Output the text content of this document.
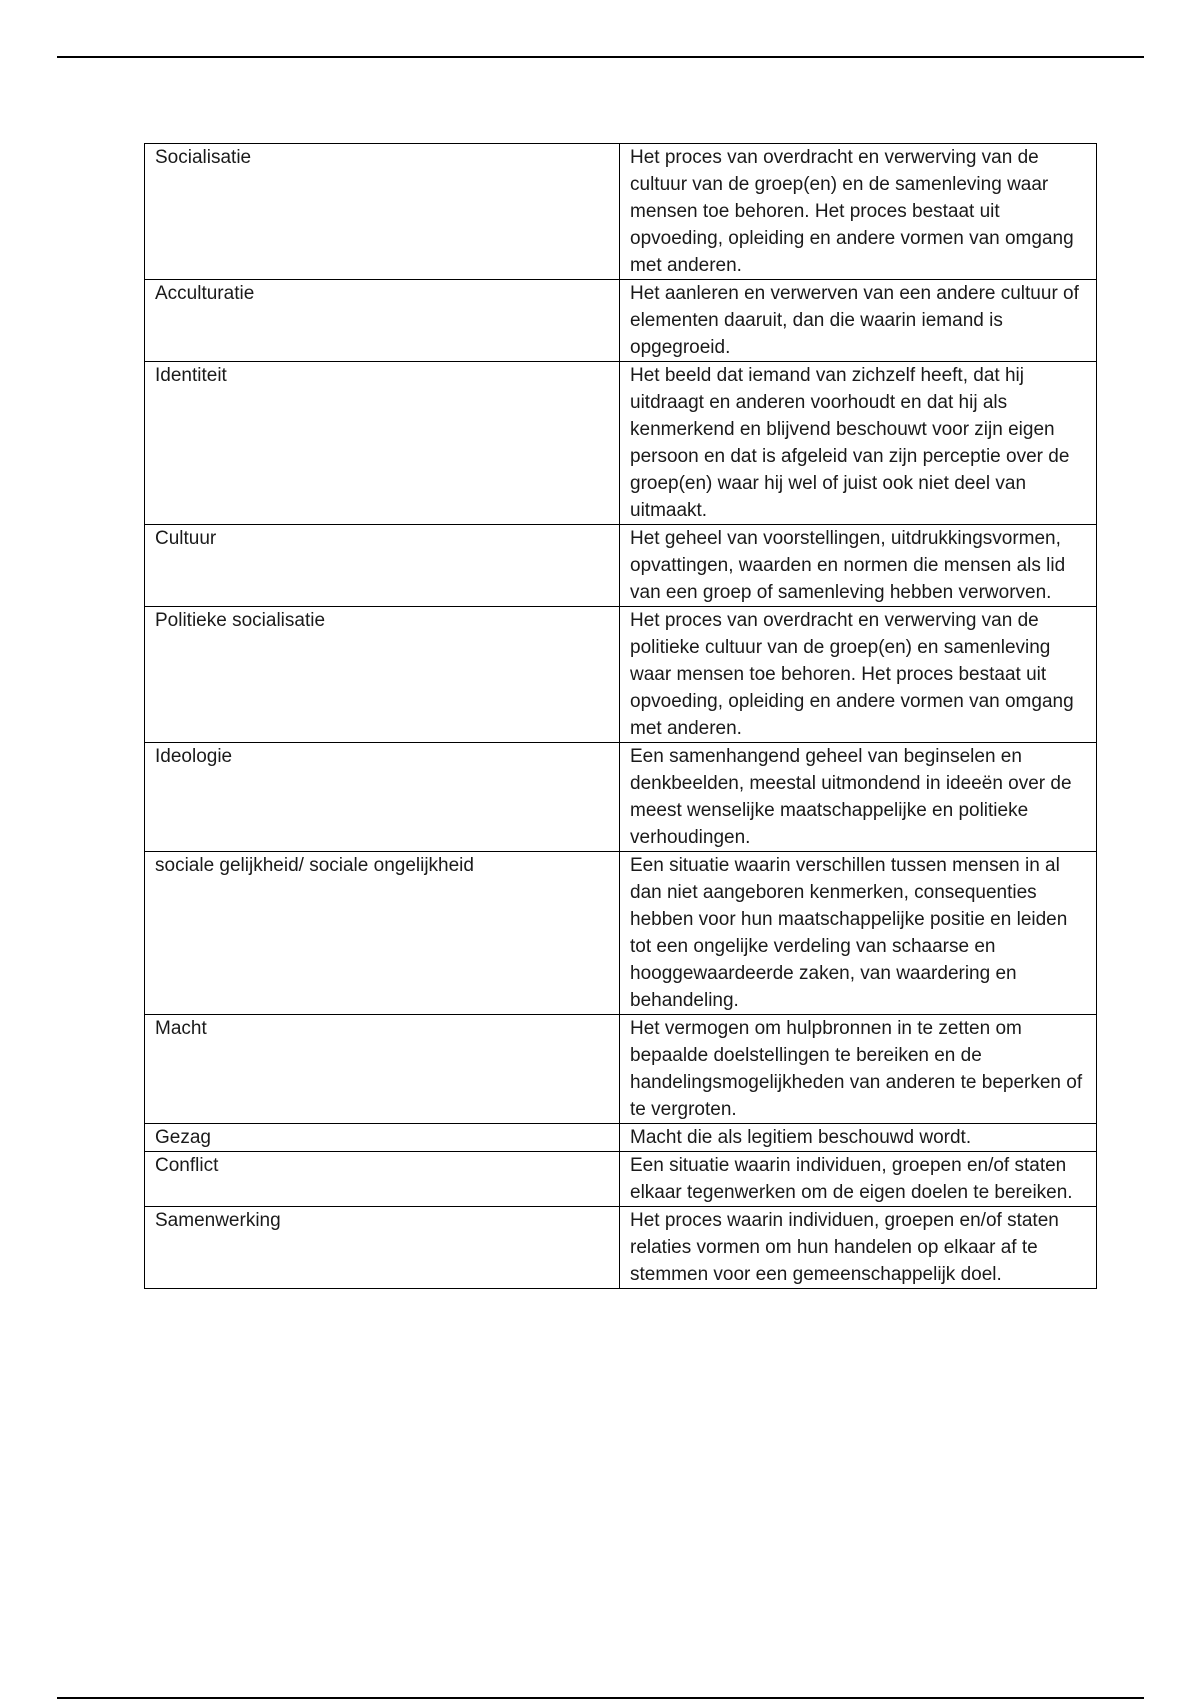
Socialisatie	Het proces van overdracht en verwerving van de cultuur van de groep(en) en de samenleving waar mensen toe behoren. Het proces bestaat uit opvoeding, opleiding en andere vormen van omgang met anderen.
Acculturatie	Het aanleren en verwerven van een andere cultuur of elementen daaruit, dan die waarin iemand is opgegroeid.
Identiteit	Het beeld dat iemand van zichzelf heeft, dat hij uitdraagt en anderen voorhoudt en dat hij als kenmerkend en blijvend beschouwt voor zijn eigen persoon en dat is afgeleid van zijn perceptie over de groep(en) waar hij wel of juist ook niet deel van uitmaakt.
Cultuur	Het geheel van voorstellingen, uitdrukkingsvormen, opvattingen, waarden en normen die mensen als lid van een groep of samenleving hebben verworven.
Politieke socialisatie	Het proces van overdracht en verwerving van de politieke cultuur van de groep(en) en samenleving waar mensen toe behoren. Het proces bestaat uit opvoeding, opleiding en andere vormen van omgang met anderen.
Ideologie	Een samenhangend geheel van beginselen en denkbeelden, meestal uitmondend in ideeën over de meest wenselijke maatschappelijke en politieke verhoudingen.
sociale gelijkheid/ sociale ongelijkheid	Een situatie waarin verschillen tussen mensen in al dan niet aangeboren kenmerken, consequenties hebben voor hun maatschappelijke positie en leiden tot een ongelijke verdeling van schaarse en hooggewaardeerde zaken, van waardering en behandeling.
Macht	Het vermogen om hulpbronnen in te zetten om bepaalde doelstellingen te bereiken en de handelingsmogelijkheden van anderen te beperken of te vergroten.
Gezag	Macht die als legitiem beschouwd wordt.
Conflict	Een situatie waarin individuen, groepen en/of staten elkaar tegenwerken om de eigen doelen te bereiken.
Samenwerking	Het proces waarin individuen, groepen en/of staten relaties vormen om hun handelen op elkaar af te stemmen voor een gemeenschappelijk doel.
